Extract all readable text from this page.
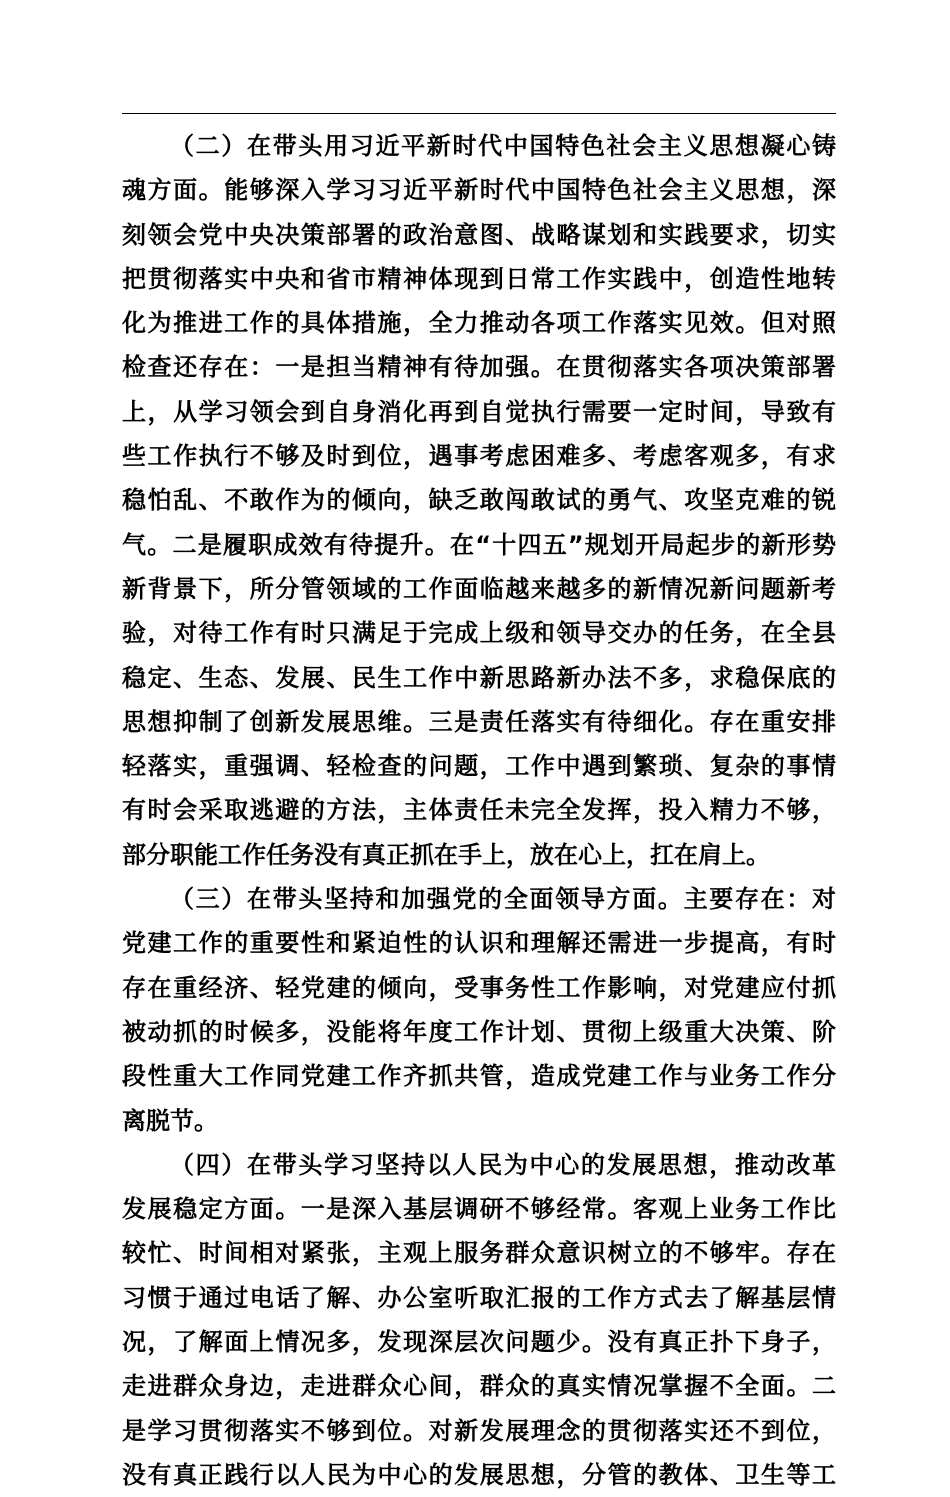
（二）在带头用习近平新时代中国特色社会主义思想凝心铸
魂方面。能够深入学习习近平新时代中国特色社会主义思想，深
刻领会党中央决策部署的政治意图、战略谋划和实践要求，切实
把贯彻落实中央和省市精神体现到日常工作实践中，创造性地转
化为推进工作的具体措施，全力推动各项工作落实见效。但对照
检查还存在：一是担当精神有待加强。在贯彻落实各项决策部署
上，从学习领会到自身消化再到自觉执行需要一定时间，导致有
些工作执行不够及时到位，遇事考虑困难多、考虑客观多，有求
稳怕乱、不敢作为的倾向，缺乏敢闯敢试的勇气、攻坚克难的锐
气。二是履职成效有待提升。在“十四五”规划开局起步的新形势
新背景下，所分管领域的工作面临越来越多的新情况新问题新考
验，对待工作有时只满足于完成上级和领导交办的任务，在全县
稳定、生态、发展、民生工作中新思路新办法不多，求稳保底的
思想抑制了创新发展思维。三是责任落实有待细化。存在重安排
轻落实，重强调、轻检查的问题，工作中遇到繁琐、复杂的事情
有时会采取逃避的方法，主体责任未完全发挥，投入精力不够，
部分职能工作任务没有真正抓在手上，放在心上，扛在肩上。
（三）在带头坚持和加强党的全面领导方面。主要存在：对
党建工作的重要性和紧迫性的认识和理解还需进一步提高，有时
存在重经济、轻党建的倾向，受事务性工作影响，对党建应付抓
被动抓的时候多，没能将年度工作计划、贯彻上级重大决策、阶
段性重大工作同党建工作齐抓共管，造成党建工作与业务工作分
离脱节。
（四）在带头学习坚持以人民为中心的发展思想，推动改革
发展稳定方面。一是深入基层调研不够经常。客观上业务工作比
较忙、时间相对紧张，主观上服务群众意识树立的不够牢。存在
习惯于通过电话了解、办公室听取汇报的工作方式去了解基层情
况，了解面上情况多，发现深层次问题少。没有真正扑下身子，
走进群众身边，走进群众心间，群众的真实情况掌握不全面。二
是学习贯彻落实不够到位。对新发展理念的贯彻落实还不到位，
没有真正践行以人民为中心的发展思想，分管的教体、卫生等工
